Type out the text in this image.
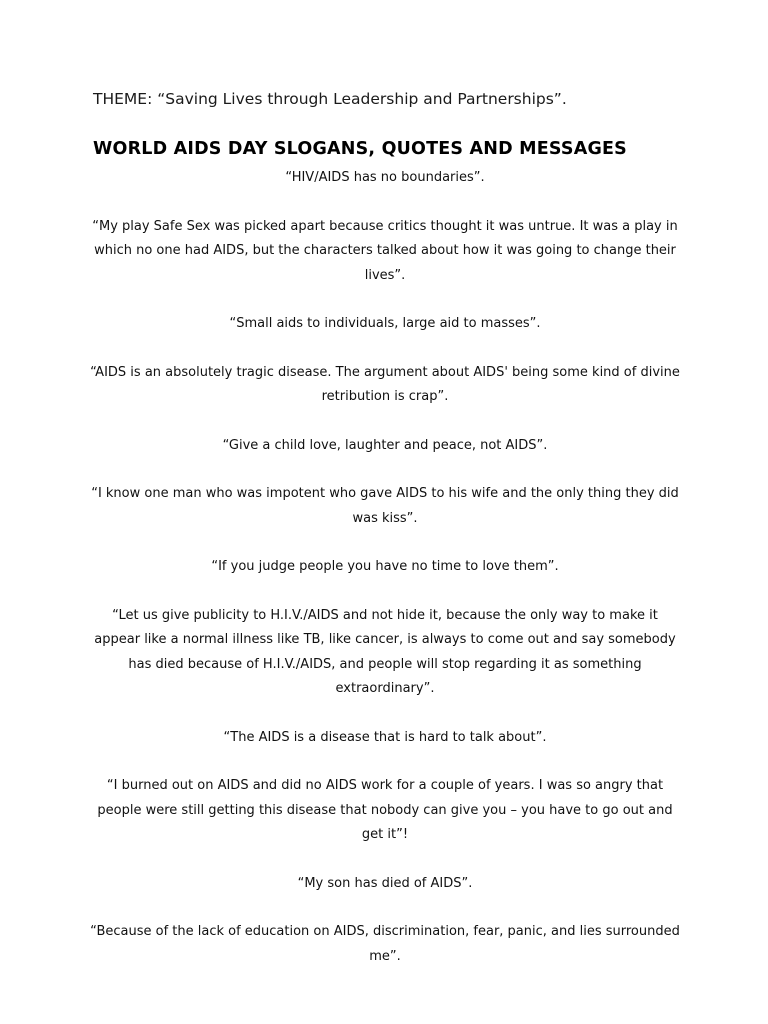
THEME: “Saving Lives through Leadership and Partnerships”.
WORLD AIDS DAY SLOGANS, QUOTES AND MESSAGES

“HIV/AIDS has no boundaries”.

“My play Safe Sex was picked apart because critics thought it was untrue. It was a play in which no one had AIDS, but the characters talked about how it was going to change their lives”.

“Small aids to individuals, large aid to masses”.

“AIDS is an absolutely tragic disease. The argument about AIDS' being some kind of divine retribution is crap”.

“Give a child love, laughter and peace, not AIDS”.

“I know one man who was impotent who gave AIDS to his wife and the only thing they did was kiss”.

“If you judge people you have no time to love them”.

“Let us give publicity to H.I.V./AIDS and not hide it, because the only way to make it appear like a normal illness like TB, like cancer, is always to come out and say somebody has died because of H.I.V./AIDS, and people will stop regarding it as something extraordinary”.

“The AIDS is a disease that is hard to talk about”.

“I burned out on AIDS and did no AIDS work for a couple of years. I was so angry that people were still getting this disease that nobody can give you – you have to go out and get it”!

“My son has died of AIDS”.

“Because of the lack of education on AIDS, discrimination, fear, panic, and lies surrounded me”.
